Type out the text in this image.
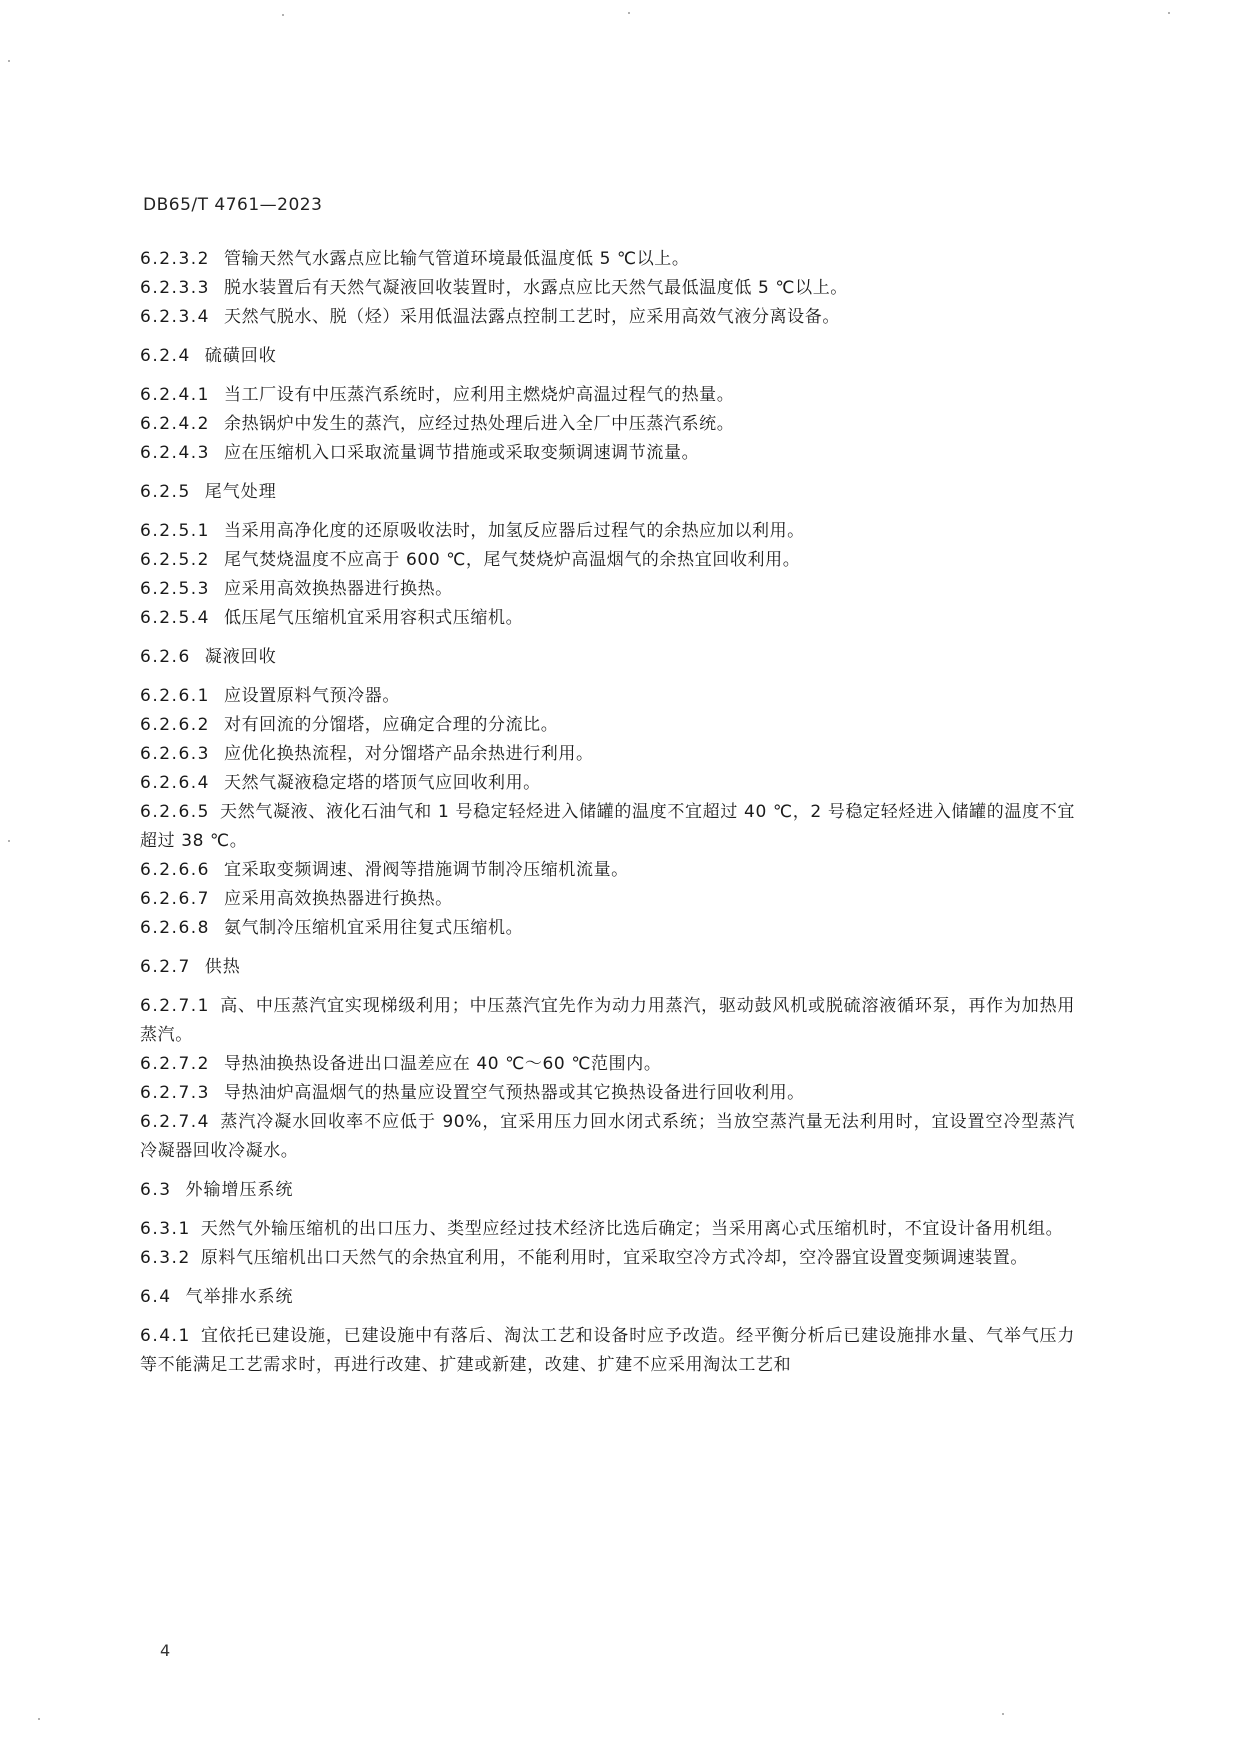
DB65/T 4761—2023
6.2.3.2 管输天然气水露点应比输气管道环境最低温度低 5 ℃以上。
6.2.3.3 脱水装置后有天然气凝液回收装置时，水露点应比天然气最低温度低 5 ℃以上。
6.2.3.4 天然气脱水、脱（烃）采用低温法露点控制工艺时，应采用高效气液分离设备。
6.2.4 硫磺回收
6.2.4.1 当工厂设有中压蒸汽系统时，应利用主燃烧炉高温过程气的热量。
6.2.4.2 余热锅炉中发生的蒸汽，应经过热处理后进入全厂中压蒸汽系统。
6.2.4.3 应在压缩机入口采取流量调节措施或采取变频调速调节流量。
6.2.5 尾气处理
6.2.5.1 当采用高净化度的还原吸收法时，加氢反应器后过程气的余热应加以利用。
6.2.5.2 尾气焚烧温度不应高于 600 ℃，尾气焚烧炉高温烟气的余热宜回收利用。
6.2.5.3 应采用高效换热器进行换热。
6.2.5.4 低压尾气压缩机宜采用容积式压缩机。
6.2.6 凝液回收
6.2.6.1 应设置原料气预冷器。
6.2.6.2 对有回流的分馏塔，应确定合理的分流比。
6.2.6.3 应优化换热流程，对分馏塔产品余热进行利用。
6.2.6.4 天然气凝液稳定塔的塔顶气应回收利用。
6.2.6.5 天然气凝液、液化石油气和 1 号稳定轻烃进入储罐的温度不宜超过 40 ℃，2 号稳定轻烃进入储罐的温度不宜超过 38 ℃。
6.2.6.6 宜采取变频调速、滑阀等措施调节制冷压缩机流量。
6.2.6.7 应采用高效换热器进行换热。
6.2.6.8 氨气制冷压缩机宜采用往复式压缩机。
6.2.7 供热
6.2.7.1 高、中压蒸汽宜实现梯级利用；中压蒸汽宜先作为动力用蒸汽，驱动鼓风机或脱硫溶液循环泵，再作为加热用蒸汽。
6.2.7.2 导热油换热设备进出口温差应在 40 ℃～60 ℃范围内。
6.2.7.3 导热油炉高温烟气的热量应设置空气预热器或其它换热设备进行回收利用。
6.2.7.4 蒸汽冷凝水回收率不应低于 90%，宜采用压力回水闭式系统；当放空蒸汽量无法利用时，宜设置空冷型蒸汽冷凝器回收冷凝水。
6.3 外输增压系统
6.3.1 天然气外输压缩机的出口压力、类型应经过技术经济比选后确定；当采用离心式压缩机时，不宜设计备用机组。
6.3.2 原料气压缩机出口天然气的余热宜利用，不能利用时，宜采取空冷方式冷却，空冷器宜设置变频调速装置。
6.4 气举排水系统
6.4.1 宜依托已建设施，已建设施中有落后、淘汰工艺和设备时应予改造。经平衡分析后已建设施排水量、气举气压力等不能满足工艺需求时，再进行改建、扩建或新建，改建、扩建不应采用淘汰工艺和
4
